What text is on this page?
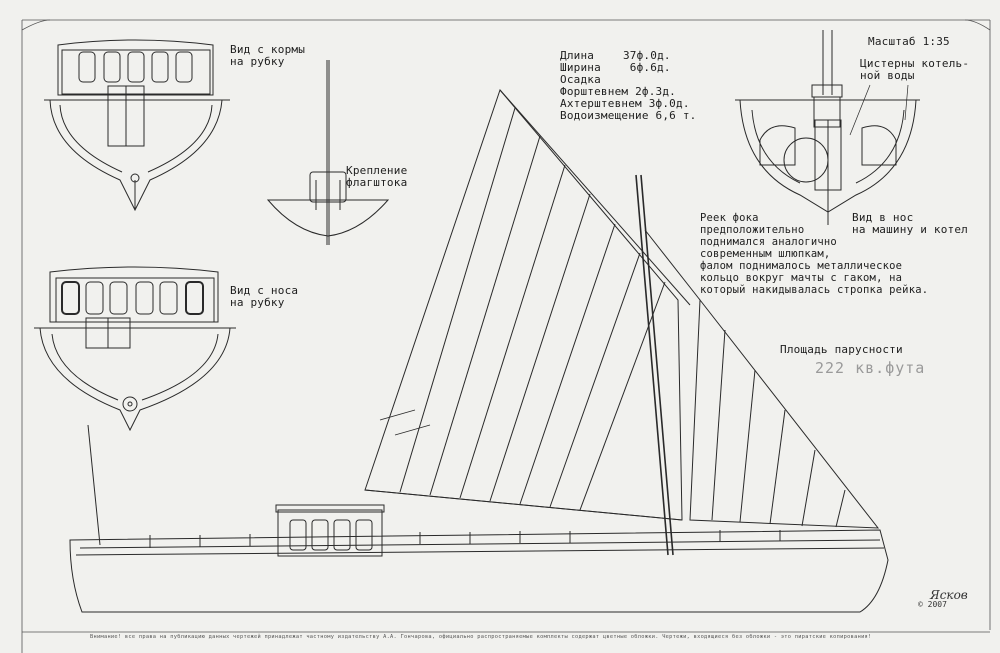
Вид с кормы
на рубку
Вид с носа
на рубку
Крепление
флагштока
Длина	37ф.0д.
Ширина	6ф.6д.
Осадка
Форштевнем 2ф.3д.
Ахтерштевнем 3ф.0д.
Водоизмещение 6,6 т.
Масштаб 1:35
Цистерны котель-
ной воды
Вид в нос
на машину и котел
Реек фока
предположительно
поднимался аналогично
современным шлюпкам,
фалом поднималось металлическое
кольцо вокруг мачты с гаком, на
который накидывалась стропка рейка.
Площадь парусности
222 кв.фута
Ясков
© 2007
Внимание! все права на публикацию данных чертежей принадлежат частному издательству А.А. Гончарова, официально распространяемые комплекты содержат цветные обложки. Чертежи, входящиеся без обложки - это пиратские копирования!
